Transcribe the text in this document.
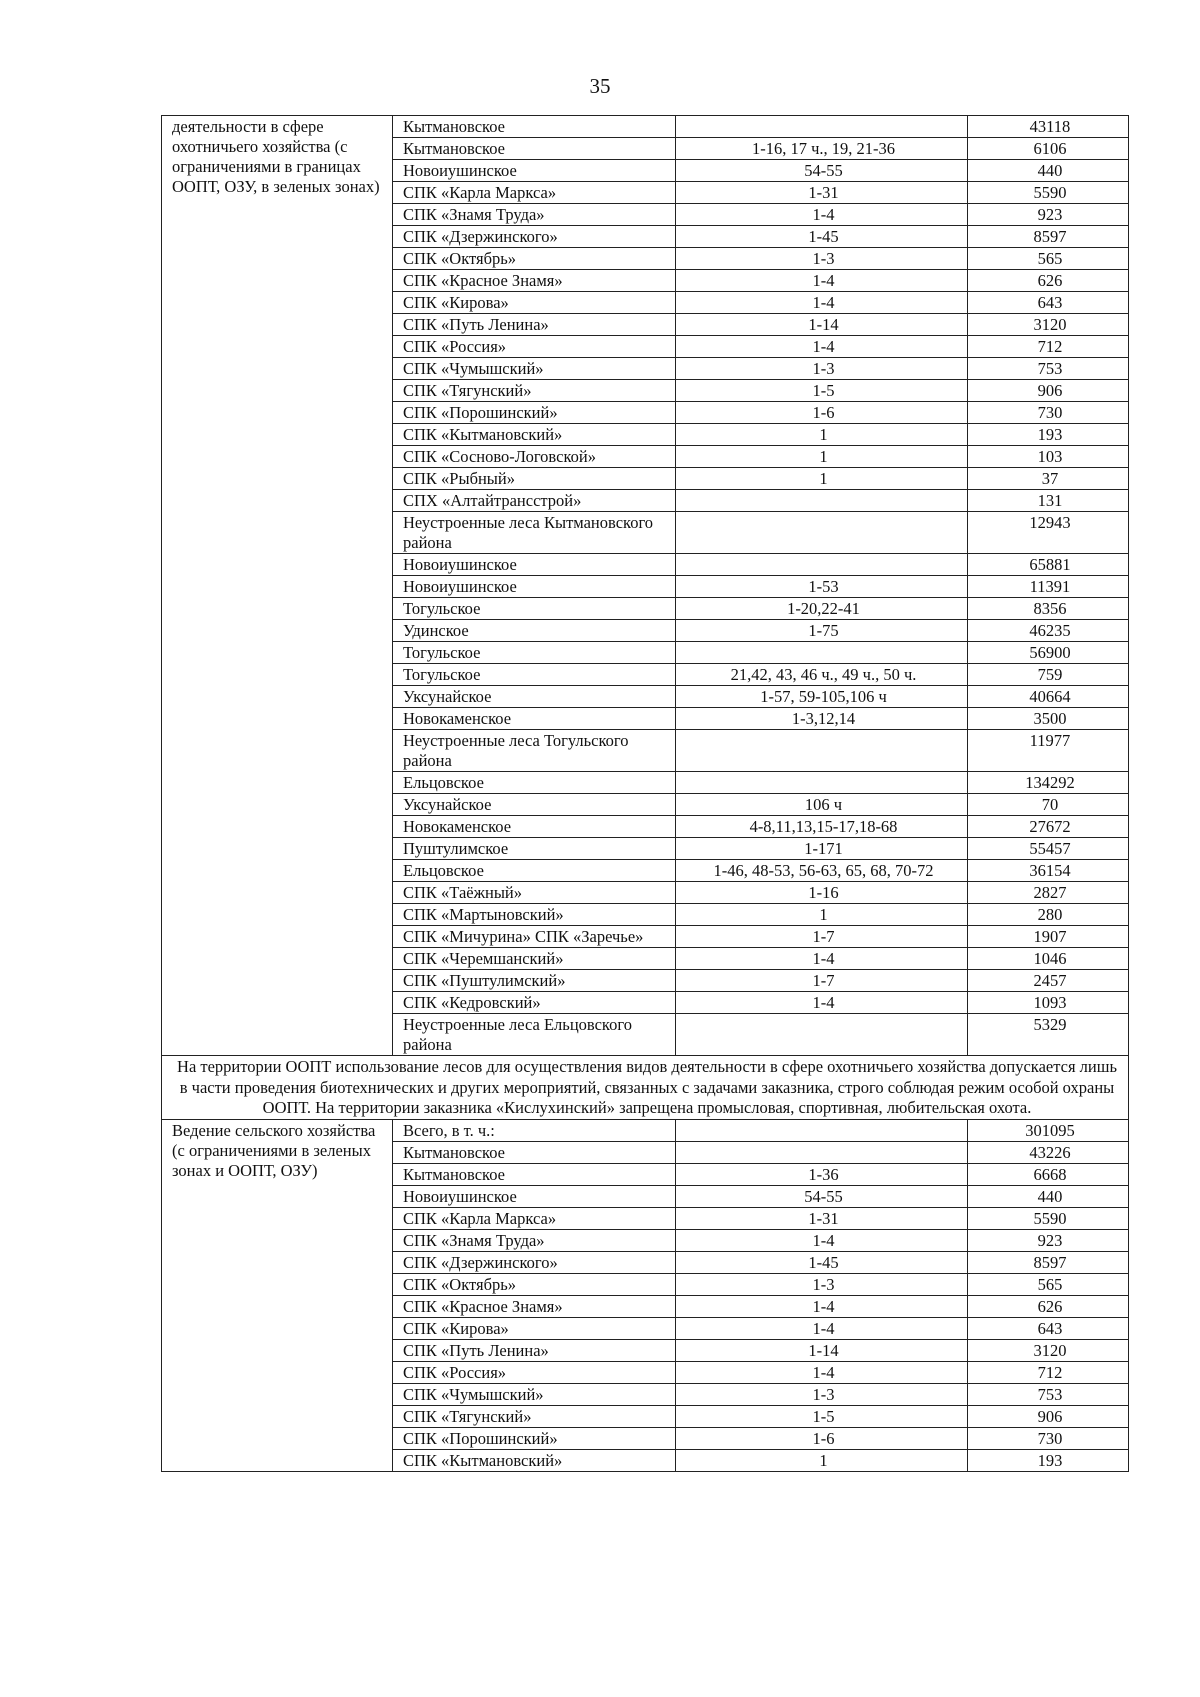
35
деятельности в сфере охотничьего хозяйства (с ограничениями в границах ООПТ, ОЗУ, в зеленых зонах)	Кытмановское		43118
	Кытмановское	1-16, 17 ч., 19, 21-36	6106
	Новоиушинское	54-55	440
	СПК «Карла Маркса»	1-31	5590
	СПК «Знамя Труда»	1-4	923
	СПК «Дзержинского»	1-45	8597
	СПК «Октябрь»	1-3	565
	СПК «Красное Знамя»	1-4	626
	СПК «Кирова»	1-4	643
	СПК «Путь Ленина»	1-14	3120
	СПК «Россия»	1-4	712
	СПК «Чумышский»	1-3	753
	СПК «Тягунский»	1-5	906
	СПК «Порошинский»	1-6	730
	СПК «Кытмановский»	1	193
	СПК «Сосново-Логовской»	1	103
	СПК «Рыбный»	1	37
	СПХ «Алтайтрансстрой»		131
	Неустроенные леса Кытмановского района		12943
	Новоиушинское		65881
	Новоиушинское	1-53	11391
	Тогульское	1-20,22-41	8356
	Удинское	1-75	46235
	Тогульское		56900
	Тогульское	21,42, 43, 46 ч., 49 ч., 50 ч.	759
	Уксунайское	1-57, 59-105,106 ч	40664
	Новокаменское	1-3,12,14	3500
	Неустроенные леса Тогульского района		11977
	Ельцовское		134292
	Уксунайское	106 ч	70
	Новокаменское	4-8,11,13,15-17,18-68	27672
	Пуштулимское	1-171	55457
	Ельцовское	1-46, 48-53, 56-63, 65, 68, 70-72	36154
	СПК «Таёжный»	1-16	2827
	СПК «Мартыновский»	1	280
	СПК «Мичурина» СПК «Заречье»	1-7	1907
	СПК «Черемшанский»	1-4	1046
	СПК «Пуштулимский»	1-7	2457
	СПК «Кедровский»	1-4	1093
	Неустроенные леса Ельцовского района		5329
На территории ООПТ использование лесов для осуществления видов деятельности в сфере охотничьего хозяйства допускается лишь в части проведения биотехнических и других мероприятий, связанных с задачами заказника, строго соблюдая режим особой охраны ООПТ. На территории заказника «Кислухинский» запрещена промысловая, спортивная, любительская охота.			
Ведение сельского хозяйства (с ограничениями в зеленых зонах и ООПТ, ОЗУ)	Всего, в т. ч.:		301095
	Кытмановское		43226
	Кытмановское	1-36	6668
	Новоиушинское	54-55	440
	СПК «Карла Маркса»	1-31	5590
	СПК «Знамя Труда»	1-4	923
	СПК «Дзержинского»	1-45	8597
	СПК «Октябрь»	1-3	565
	СПК «Красное Знамя»	1-4	626
	СПК «Кирова»	1-4	643
	СПК «Путь Ленина»	1-14	3120
	СПК «Россия»	1-4	712
	СПК «Чумышский»	1-3	753
	СПК «Тягунский»	1-5	906
	СПК «Порошинский»	1-6	730
	СПК «Кытмановский»	1	193
